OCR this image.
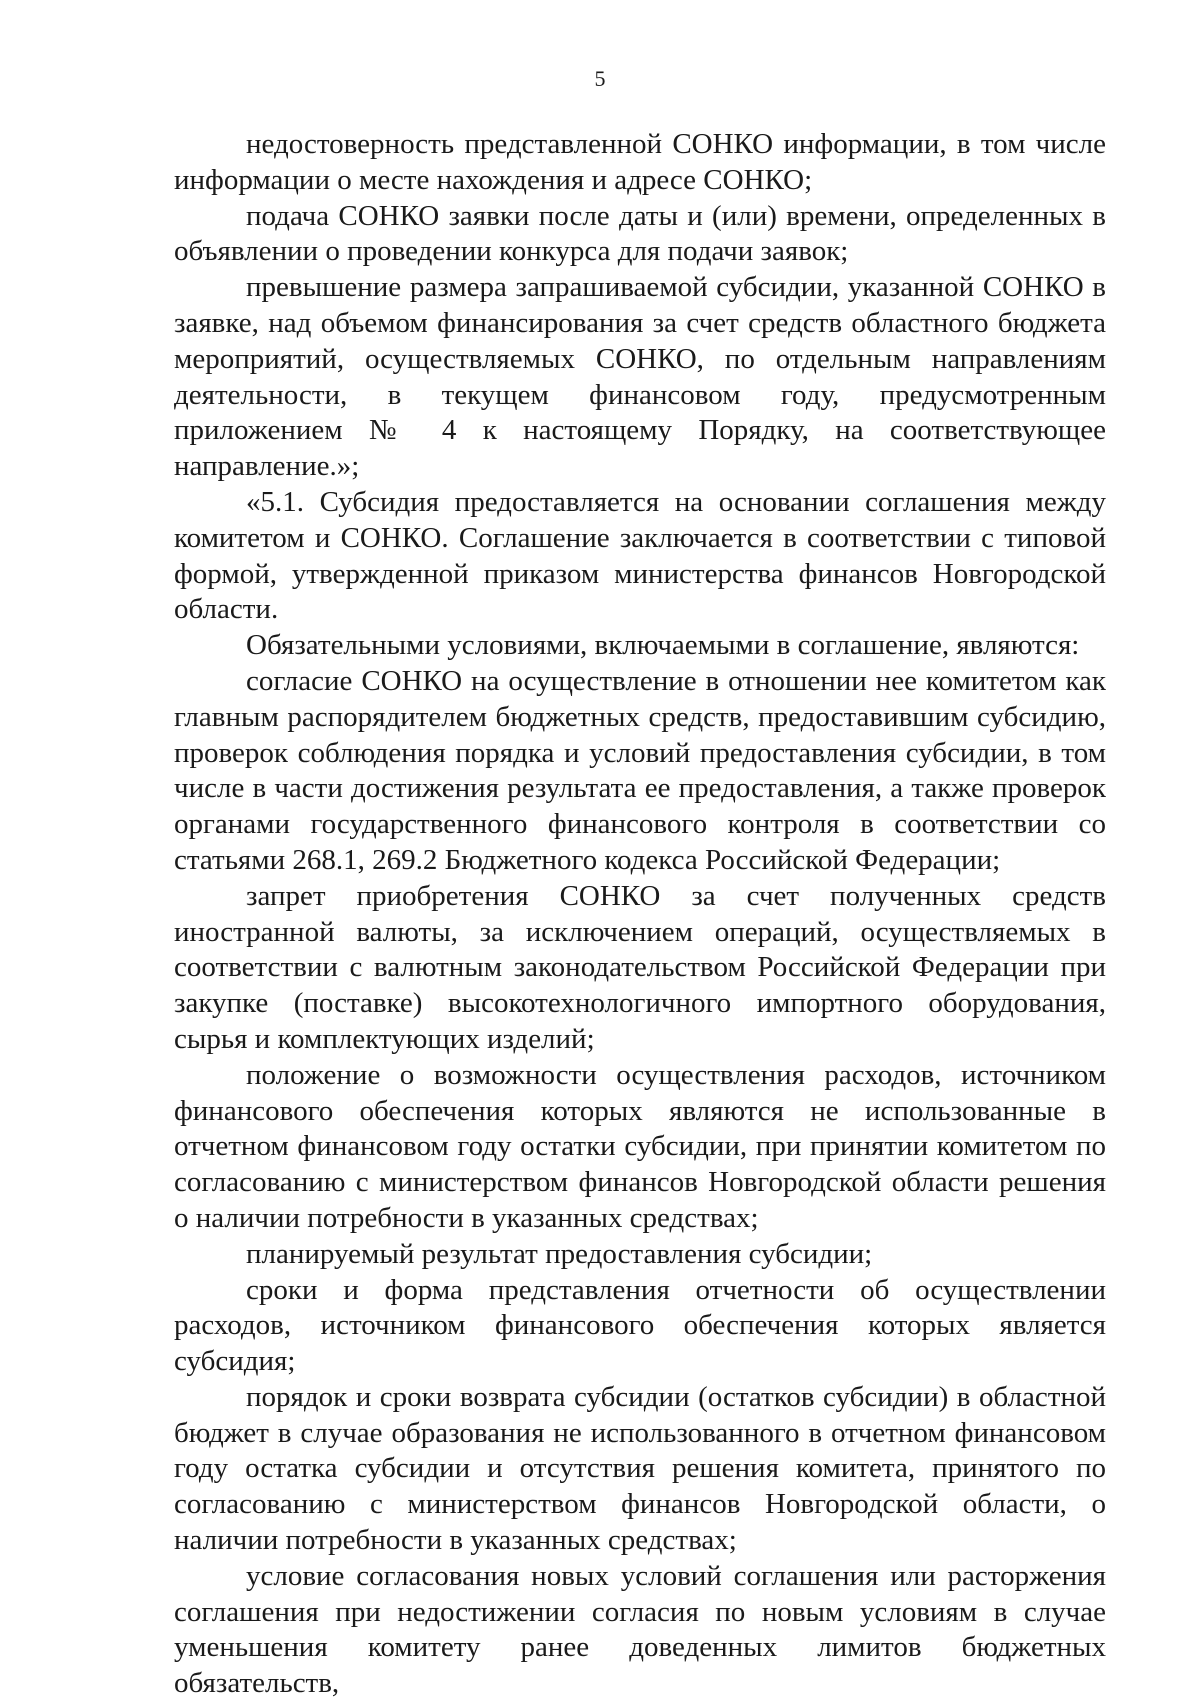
5

недостоверность представленной СОНКО информации, в том числе информации о месте нахождения и адресе СОНКО;

подача СОНКО заявки после даты и (или) времени, определенных в объявлении о проведении конкурса для подачи заявок;

превышение размера запрашиваемой субсидии, указанной СОНКО в заявке, над объемом финансирования за счет средств областного бюджета мероприятий, осуществляемых СОНКО, по отдельным направлениям деятельности, в текущем финансовом году, предусмотренным приложением № 4 к настоящему Порядку, на соответствующее направление.»;

«5.1. Субсидия предоставляется на основании соглашения между комитетом и СОНКО. Соглашение заключается в соответствии с типовой формой, утвержденной приказом министерства финансов Новгородской области.

Обязательными условиями, включаемыми в соглашение, являются:

согласие СОНКО на осуществление в отношении нее комитетом как главным распорядителем бюджетных средств, предоставившим субсидию, проверок соблюдения порядка и условий предоставления субсидии, в том числе в части достижения результата ее предоставления, а также проверок органами государственного финансового контроля в соответствии со статьями 268.1, 269.2 Бюджетного кодекса Российской Федерации;

запрет приобретения СОНКО за счет полученных средств иностранной валюты, за исключением операций, осуществляемых в соответствии с валютным законодательством Российской Федерации при закупке (поставке) высокотехнологичного импортного оборудования, сырья и комплектующих изделий;

положение о возможности осуществления расходов, источником финансового обеспечения которых являются не использованные в отчетном финансовом году остатки субсидии, при принятии комитетом по согласованию с министерством финансов Новгородской области решения о наличии потребности в указанных средствах;

планируемый результат предоставления субсидии;

сроки и форма представления отчетности об осуществлении расходов, источником финансового обеспечения которых является субсидия;

порядок и сроки возврата субсидии (остатков субсидии) в областной бюджет в случае образования не использованного в отчетном финансовом году остатка субсидии и отсутствия решения комитета, принятого по согласованию с министерством финансов Новгородской области, о наличии потребности в указанных средствах;

условие согласования новых условий соглашения или расторжения соглашения при недостижении согласия по новым условиям в случае уменьшения комитету ранее доведенных лимитов бюджетных обязательств,
